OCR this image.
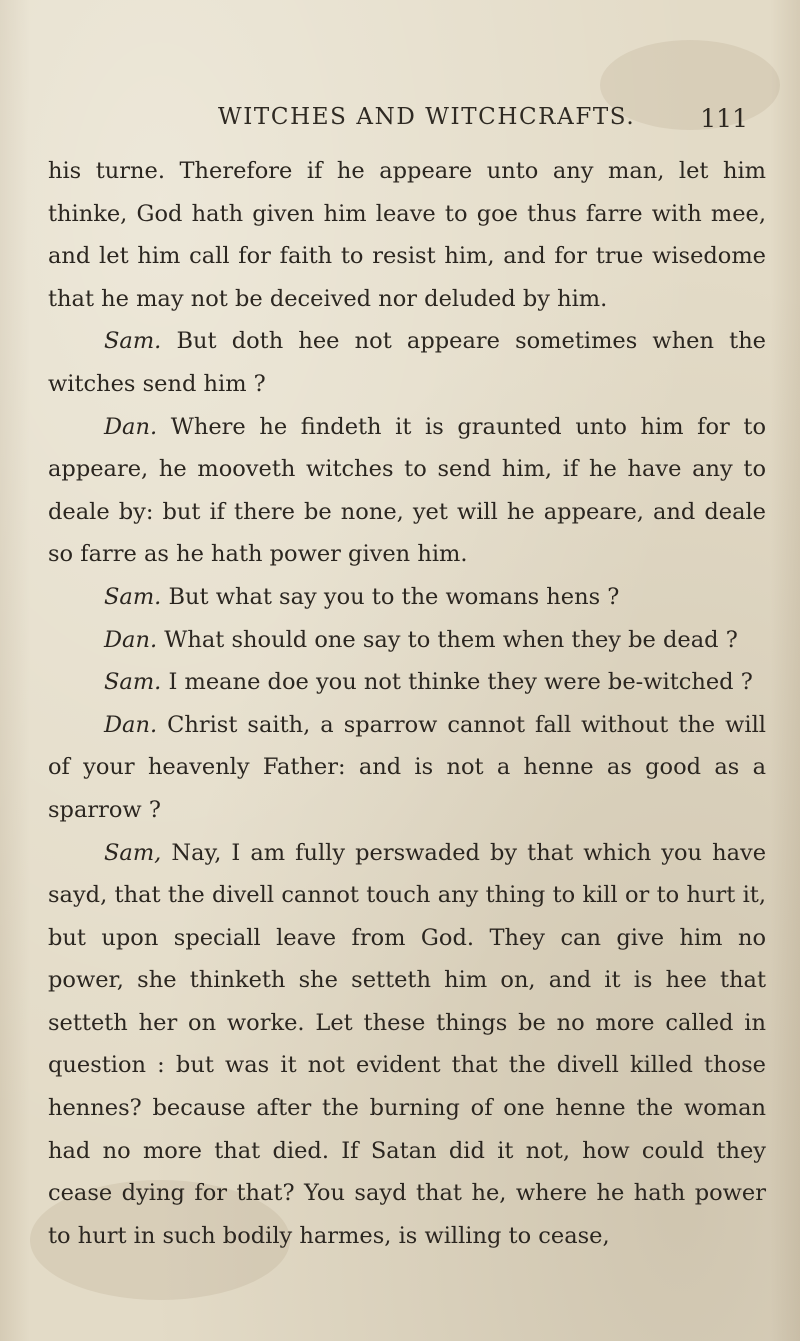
WITCHES AND WITCHCRAFTS.	111

his turne. Therefore if he appeare unto any man, let him thinke, God hath given him leave to goe thus farre with mee, and let him call for faith to resist him, and for true wisedome that he may not be deceived nor deluded by him.

Sam. But doth hee not appeare sometimes when the witches send him ?

Dan. Where he findeth it is graunted unto him for to appeare, he mooveth witches to send him, if he have any to deale by: but if there be none, yet will he appeare, and deale so farre as he hath power given him.

Sam. But what say you to the womans hens ?

Dan. What should one say to them when they be dead ?

Sam. I meane doe you not thinke they were be-witched ?

Dan. Christ saith, a sparrow cannot fall without the will of your heavenly Father: and is not a henne as good as a sparrow ?

Sam, Nay, I am fully perswaded by that which you have sayd, that the divell cannot touch any thing to kill or to hurt it, but upon speciall leave from God. They can give him no power, she thinketh she setteth him on, and it is hee that setteth her on worke. Let these things be no more called in question : but was it not evident that the divell killed those hennes? because after the burning of one henne the woman had no more that died. If Satan did it not, how could they cease dying for that? You sayd that he, where he hath power to hurt in such bodily harmes, is willing to cease,
